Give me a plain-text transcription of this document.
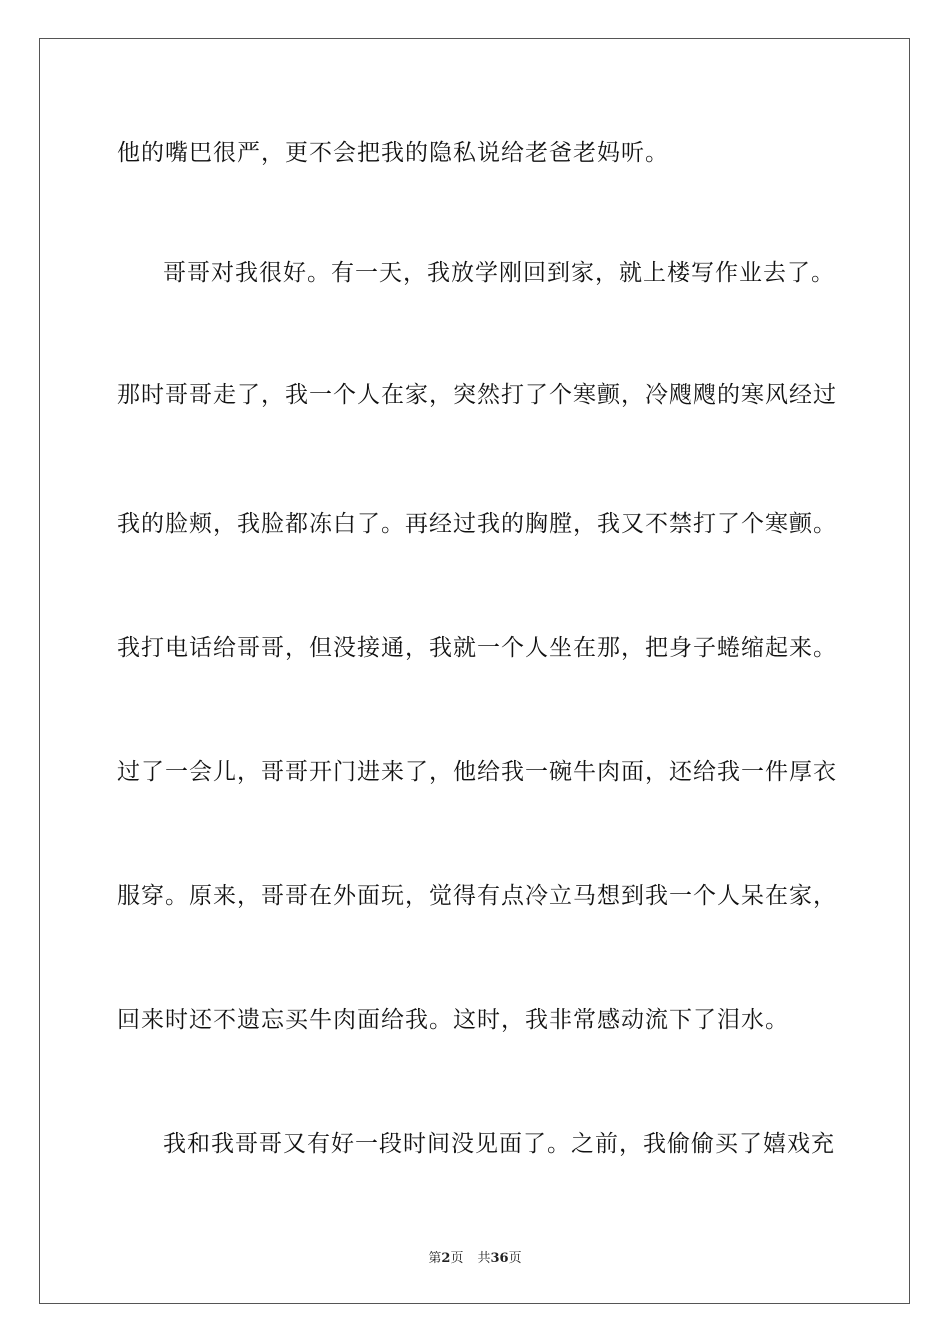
他的嘴巴很严，更不会把我的隐私说给老爸老妈听。
哥哥对我很好。有一天，我放学刚回到家，就上楼写作业去了。
那时哥哥走了，我一个人在家，突然打了个寒颤，冷飕飕的寒风经过
我的脸颊，我脸都冻白了。再经过我的胸膛，我又不禁打了个寒颤。
我打电话给哥哥，但没接通，我就一个人坐在那，把身子蜷缩起来。
过了一会儿，哥哥开门进来了，他给我一碗牛肉面，还给我一件厚衣
服穿。原来，哥哥在外面玩，觉得有点冷立马想到我一个人呆在家，
回来时还不遗忘买牛肉面给我。这时，我非常感动流下了泪水。
我和我哥哥又有好一段时间没见面了。之前，我偷偷买了嬉戏充
第2页 共36页
